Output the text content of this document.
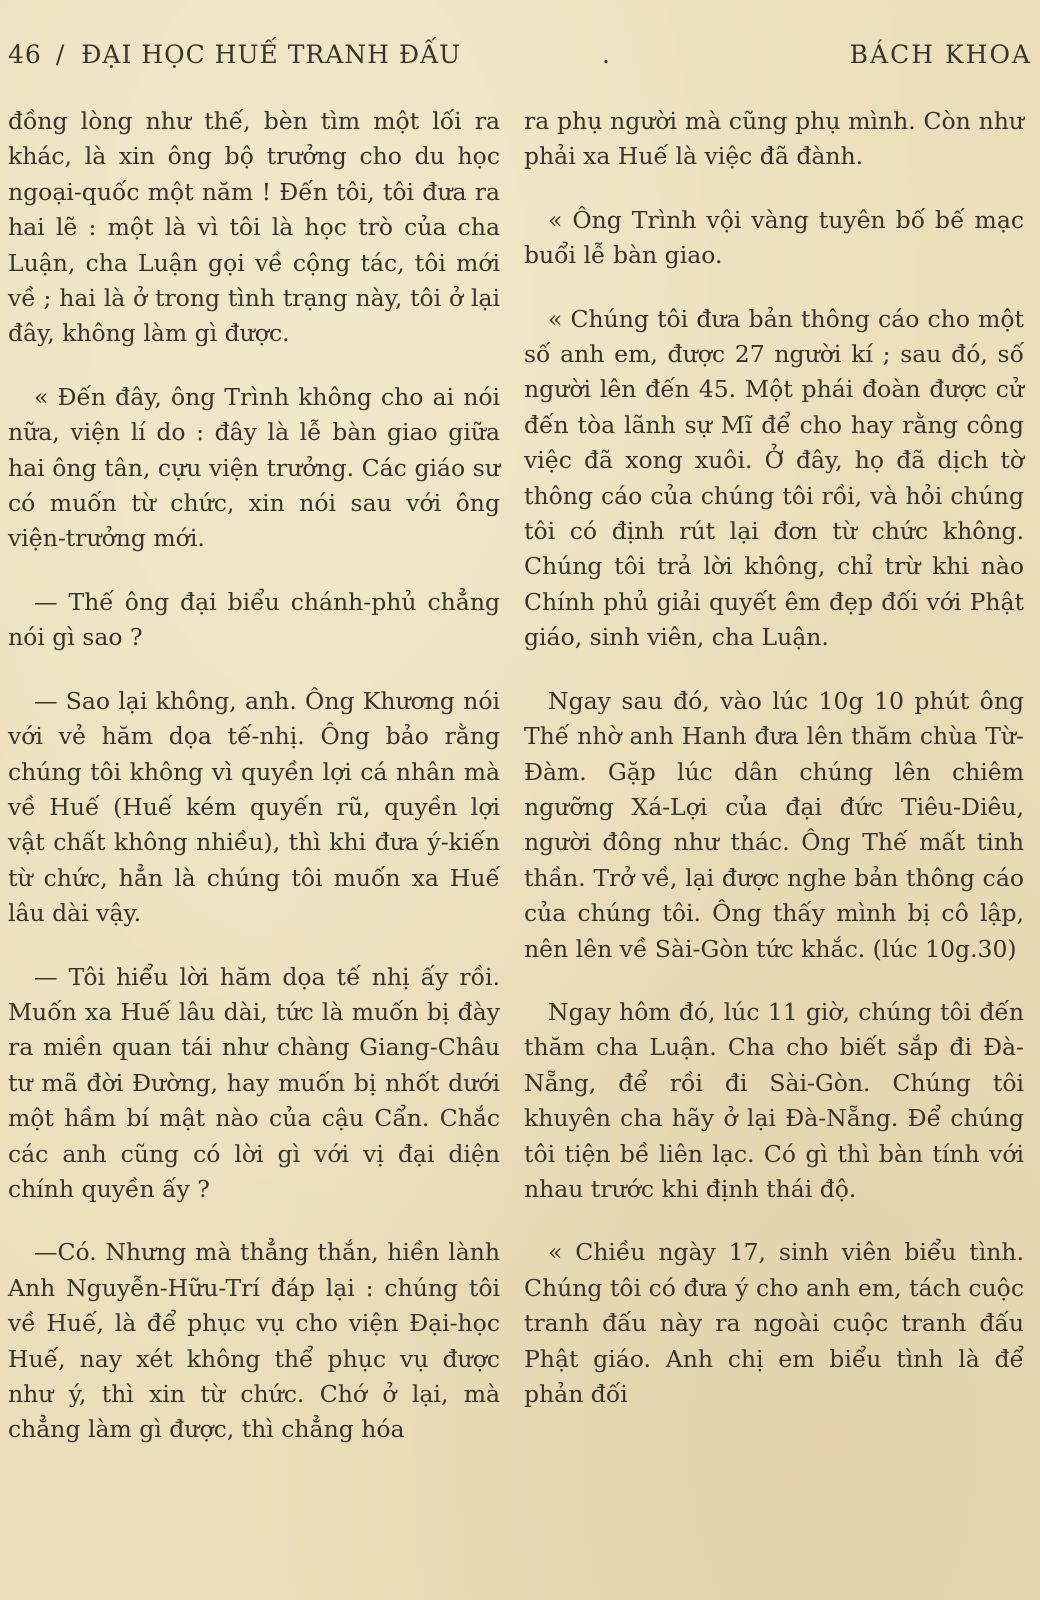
46 / ĐẠI HỌC HUẾ TRANH ĐẤU	.	BÁCH KHOA

đồng lòng như thế, bèn tìm một lối ra khác, là xin ông bộ trưởng cho du học ngoại-quốc một năm ! Đến tôi, tôi đưa ra hai lẽ : một là vì tôi là học trò của cha Luận, cha Luận gọi về cộng tác, tôi mới về ; hai là ở trong tình trạng này, tôi ở lại đây, không làm gì được.

« Đến đây, ông Trình không cho ai nói nữa, viện lí do : đây là lễ bàn giao giữa hai ông tân, cựu viện trưởng. Các giáo sư có muốn từ chức, xin nói sau với ông viện-trưởng mới.

— Thế ông đại biểu chánh-phủ chẳng nói gì sao ?

— Sao lại không, anh. Ông Khương nói với vẻ hăm dọa tế-nhị. Ông bảo rằng chúng tôi không vì quyền lợi cá nhân mà về Huế (Huế kém quyến rũ, quyền lợi vật chất không nhiều), thì khi đưa ý-kiến từ chức, hẳn là chúng tôi muốn xa Huế lâu dài vậy.

— Tôi hiểu lời hăm dọa tế nhị ấy rồi. Muốn xa Huế lâu dài, tức là muốn bị đày ra miền quan tái như chàng Giang-Châu tư mã đời Đường, hay muốn bị nhốt dưới một hầm bí mật nào của cậu Cẩn. Chắc các anh cũng có lời gì với vị đại diện chính quyền ấy ?

—Có. Nhưng mà thẳng thắn, hiền lành Anh Nguyễn-Hữu-Trí đáp lại : chúng tôi về Huế, là để phục vụ cho viện Đại-học Huế, nay xét không thể phục vụ được như ý, thì xin từ chức. Chớ ở lại, mà chẳng làm gì được, thì chẳng hóa

ra phụ người mà cũng phụ mình. Còn như phải xa Huế là việc đã đành.

« Ông Trình vội vàng tuyên bố bế mạc buổi lễ bàn giao.

« Chúng tôi đưa bản thông cáo cho một số anh em, được 27 người kí ; sau đó, số người lên đến 45. Một phái đoàn được cử đến tòa lãnh sự Mĩ để cho hay rằng công việc đã xong xuôi. Ở đây, họ đã dịch tờ thông cáo của chúng tôi rồi, và hỏi chúng tôi có định rút lại đơn từ chức không. Chúng tôi trả lời không, chỉ trừ khi nào Chính phủ giải quyết êm đẹp đối với Phật giáo, sinh viên, cha Luận.

Ngay sau đó, vào lúc 10g 10 phút ông Thế nhờ anh Hanh đưa lên thăm chùa Từ-Đàm. Gặp lúc dân chúng lên chiêm ngưỡng Xá-Lợi của đại đức Tiêu-Diêu, người đông như thác. Ông Thế mất tinh thần. Trở về, lại được nghe bản thông cáo của chúng tôi. Ông thấy mình bị cô lập, nên lên về Sài-Gòn tức khắc. (lúc 10g.30)

Ngay hôm đó, lúc 11 giờ, chúng tôi đến thăm cha Luận. Cha cho biết sắp đi Đà-Nẵng, để rồi đi Sài-Gòn. Chúng tôi khuyên cha hãy ở lại Đà-Nẵng. Để chúng tôi tiện bề liên lạc. Có gì thì bàn tính với nhau trước khi định thái độ.

« Chiều ngày 17, sinh viên biểu tình. Chúng tôi có đưa ý cho anh em, tách cuộc tranh đấu này ra ngoài cuộc tranh đấu Phật giáo. Anh chị em biểu tình là để phản đối
